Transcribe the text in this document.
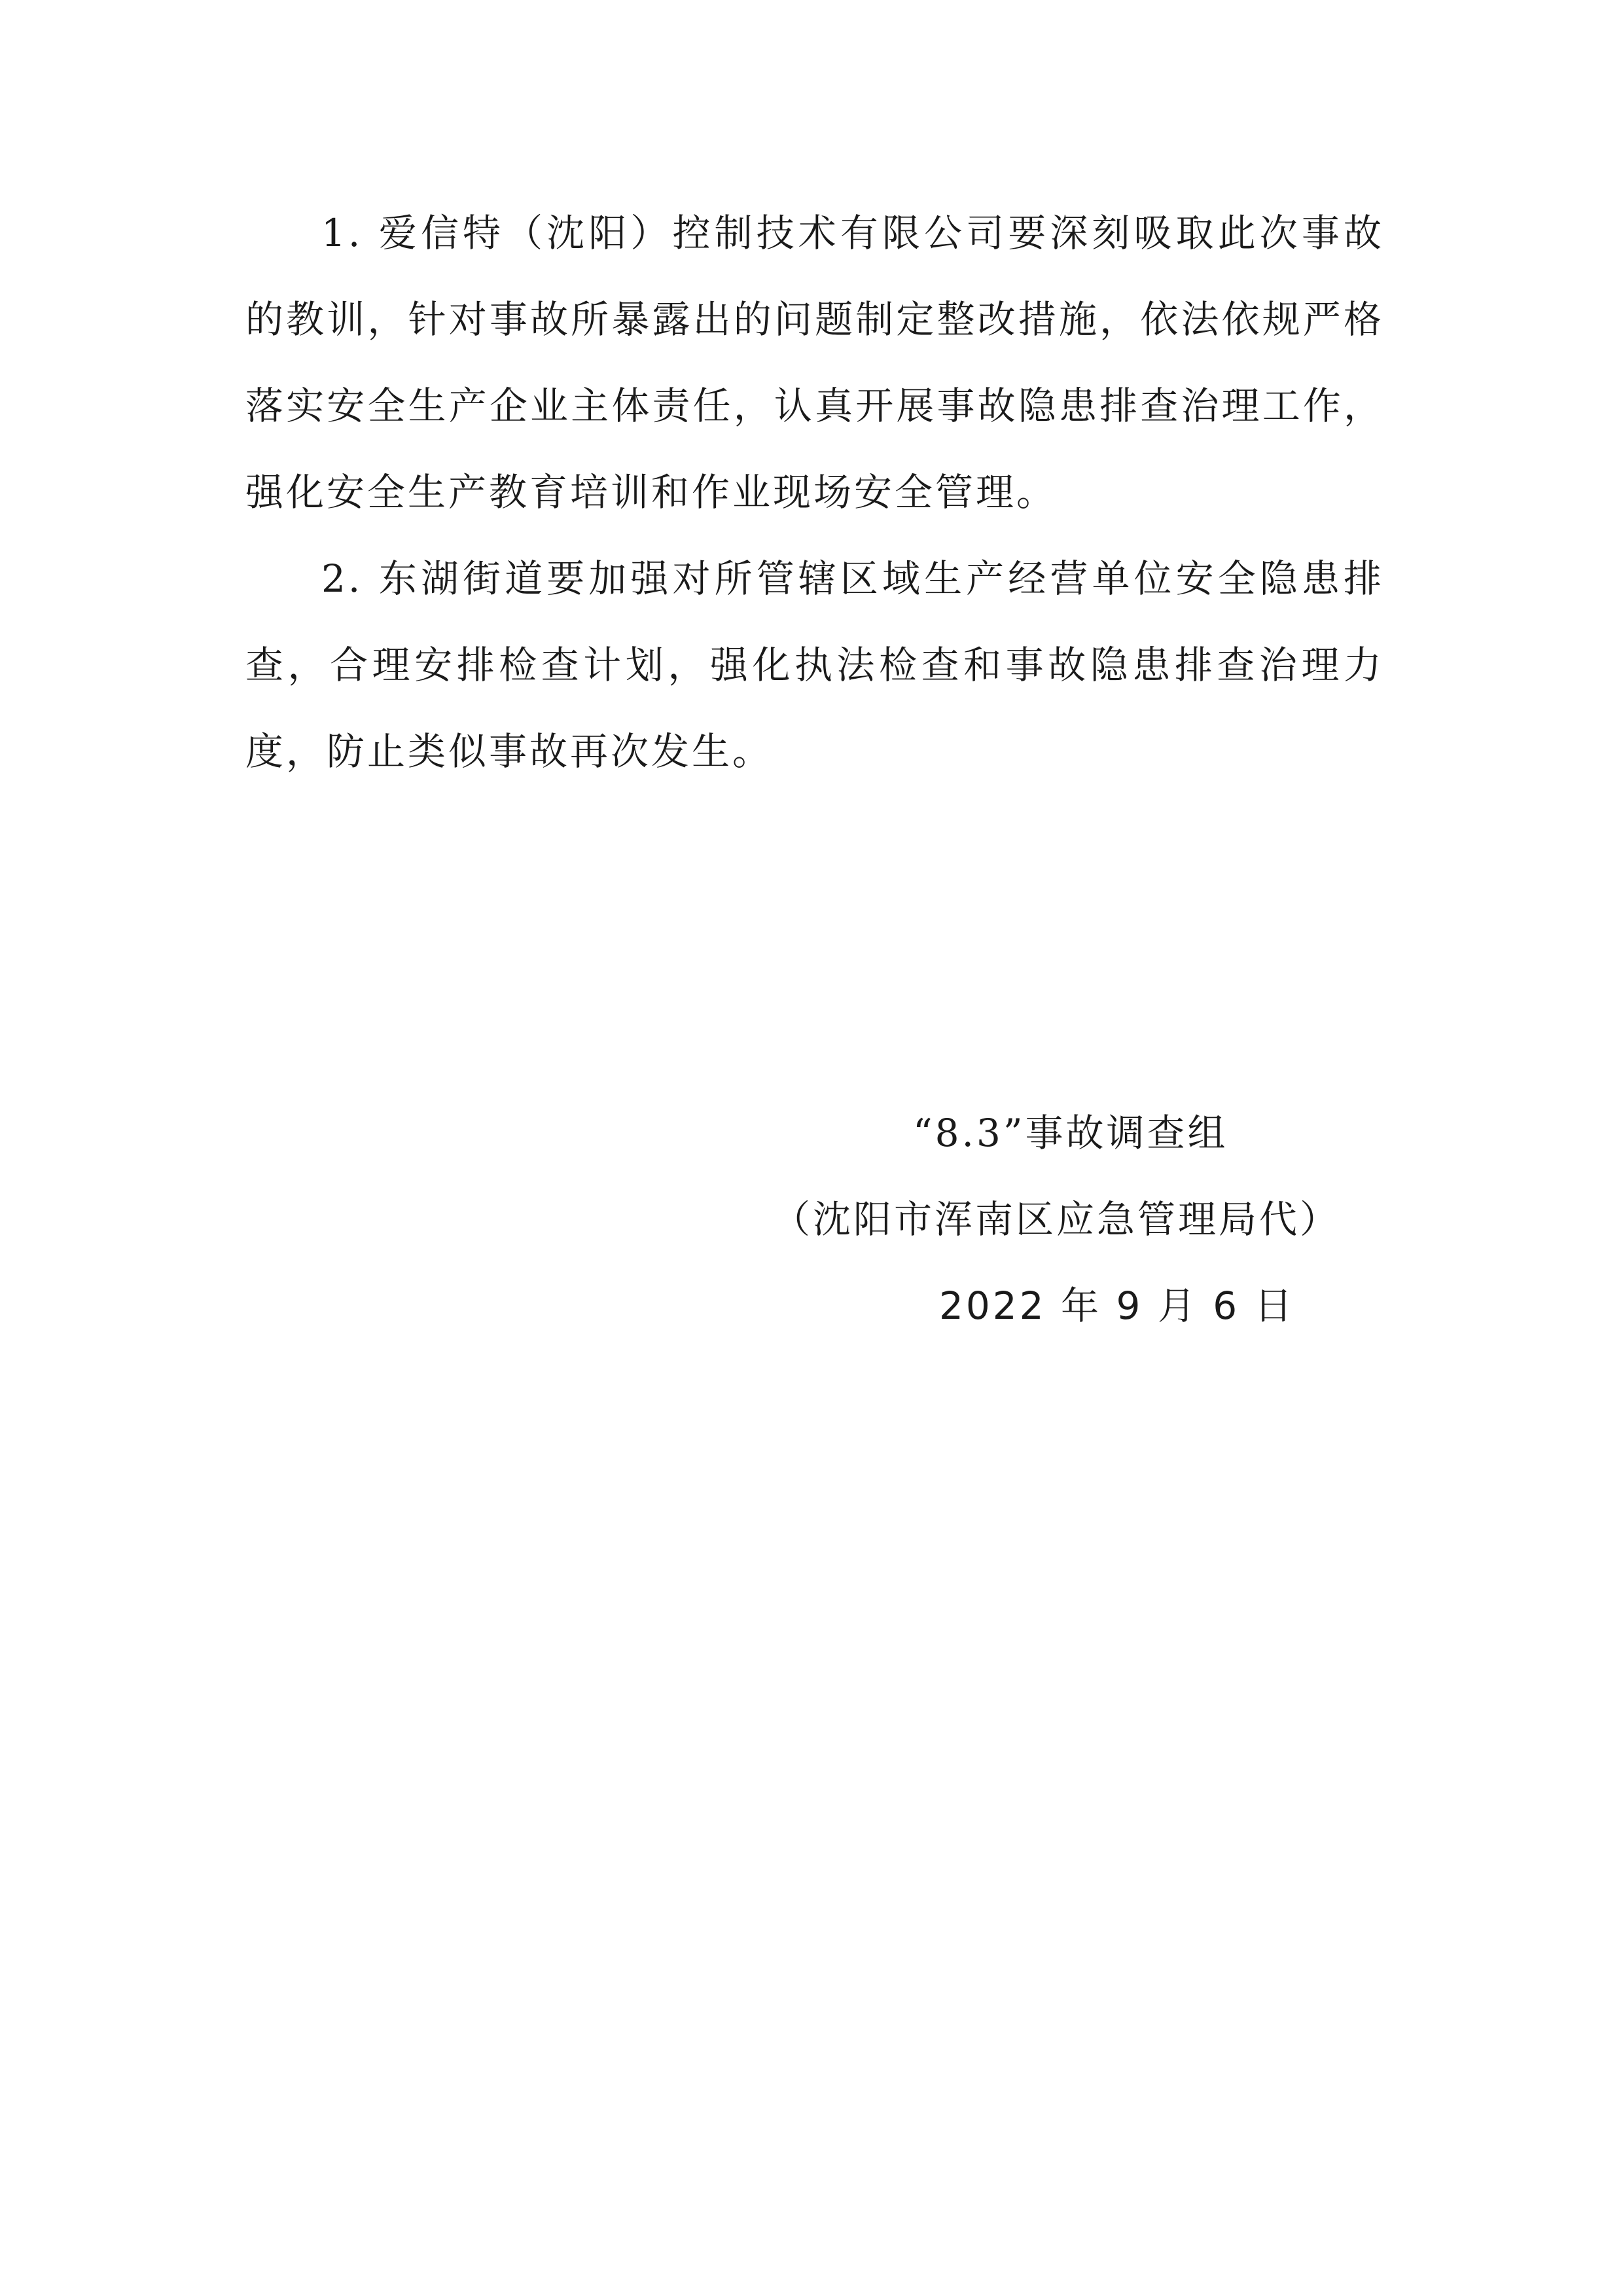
1. 爱信特（沈阳）控制技术有限公司要深刻吸取此次事故的教训，针对事故所暴露出的问题制定整改措施，依法依规严格落实安全生产企业主体责任，认真开展事故隐患排查治理工作，强化安全生产教育培训和作业现场安全管理。

2. 东湖街道要加强对所管辖区域生产经营单位安全隐患排查，合理安排检查计划，强化执法检查和事故隐患排查治理力度，防止类似事故再次发生。

“8.3”事故调查组

（沈阳市浑南区应急管理局代）

2022 年 9 月 6 日
